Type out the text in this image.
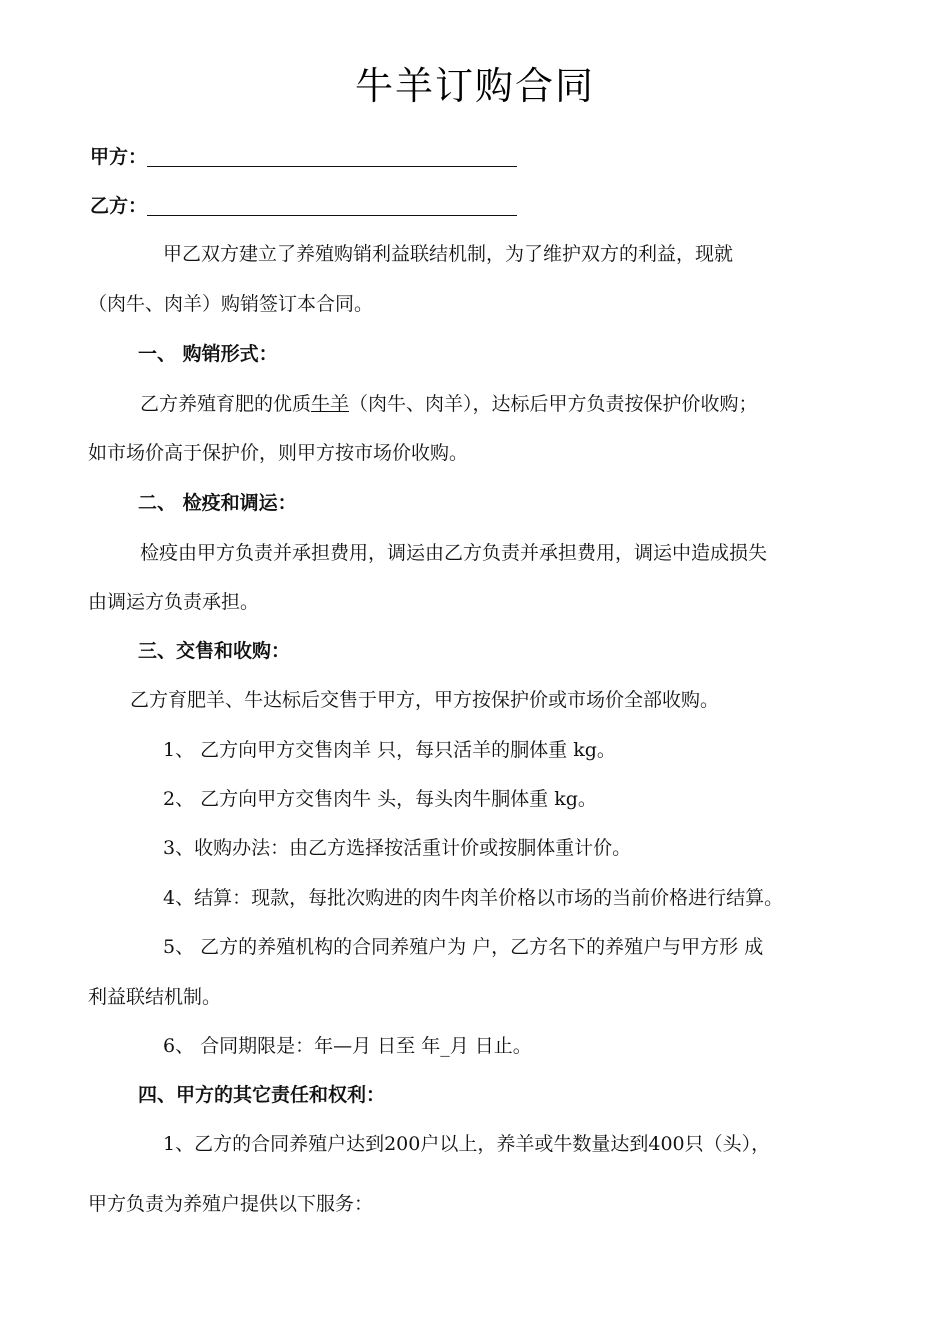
牛羊订购合同
甲方：
乙方：
甲乙双方建立了养殖购销利益联结机制，为了维护双方的利益，现就
（肉牛、肉羊）购销签订本合同。
一、 购销形式：
乙方养殖育肥的优质牛羊（肉牛、肉羊），达标后甲方负责按保护价收购；
如市场价高于保护价，则甲方按市场价收购。
二、 检疫和调运：
检疫由甲方负责并承担费用，调运由乙方负责并承担费用，调运中造成损失
由调运方负责承担。
三、交售和收购：
乙方育肥羊、牛达标后交售于甲方，甲方按保护价或市场价全部收购。
1、 乙方向甲方交售肉羊 只，每只活羊的胴体重 kg。
2、 乙方向甲方交售肉牛 头，每头肉牛胴体重 kg。
3、收购办法：由乙方选择按活重计价或按胴体重计价。
4、结算：现款，每批次购进的肉牛肉羊价格以市场的当前价格进行结算。
5、 乙方的养殖机构的合同养殖户为 户，乙方名下的养殖户与甲方形 成
利益联结机制。
6、 合同期限是：年—月 日至 年_月 日止。
四、甲方的其它责任和权利：
1、乙方的合同养殖户达到200户以上，养羊或牛数量达到400只（头），
甲方负责为养殖户提供以下服务：
